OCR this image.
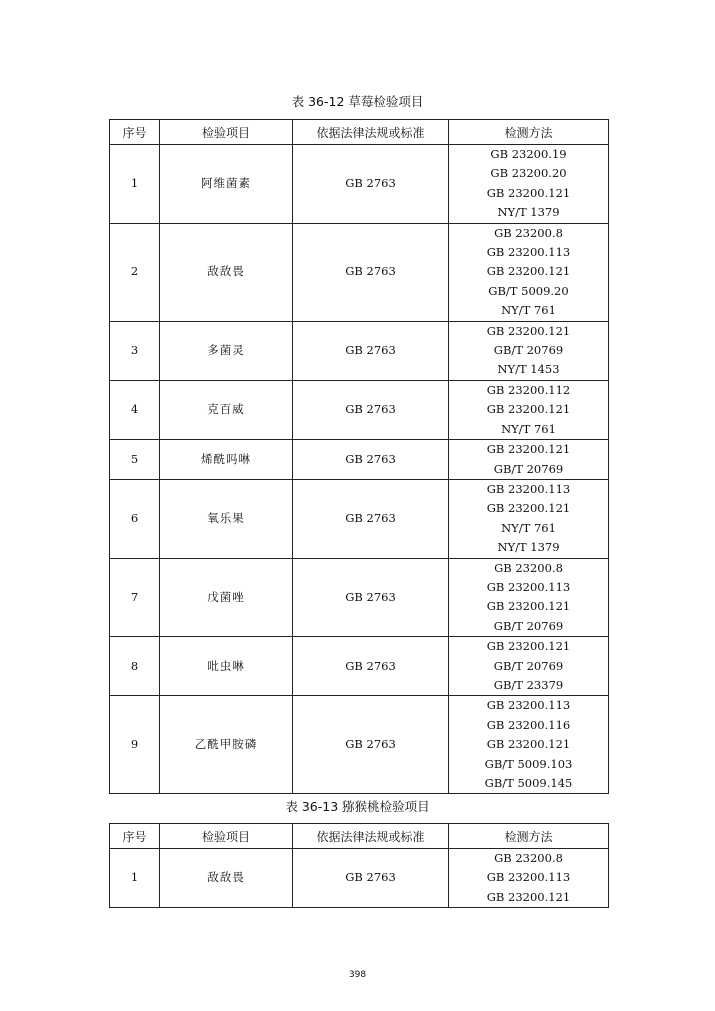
表 36-12 草莓检验项目
序号	检验项目	依据法律法规或标准	检测方法
1	阿维菌素	GB 2763	GB 23200.19
GB 23200.20
GB 23200.121
NY/T 1379

2	敌敌畏	GB 2763	GB 23200.8
GB 23200.113
GB 23200.121
GB/T 5009.20
NY/T 761

3	多菌灵	GB 2763	GB 23200.121
GB/T 20769
NY/T 1453

4	克百威	GB 2763	GB 23200.112
GB 23200.121
NY/T 761

5	烯酰吗啉	GB 2763	GB 23200.121
GB/T 20769

6	氧乐果	GB 2763	GB 23200.113
GB 23200.121
NY/T 761
NY/T 1379

7	戊菌唑	GB 2763	GB 23200.8
GB 23200.113
GB 23200.121
GB/T 20769

8	吡虫啉	GB 2763	GB 23200.121
GB/T 20769
GB/T 23379

9	乙酰甲胺磷	GB 2763	GB 23200.113
GB 23200.116
GB 23200.121
GB/T 5009.103
GB/T 5009.145
表 36-13 猕猴桃检验项目
序号	检验项目	依据法律法规或标准	检测方法
1	敌敌畏	GB 2763	GB 23200.8
GB 23200.113
GB 23200.121
398
